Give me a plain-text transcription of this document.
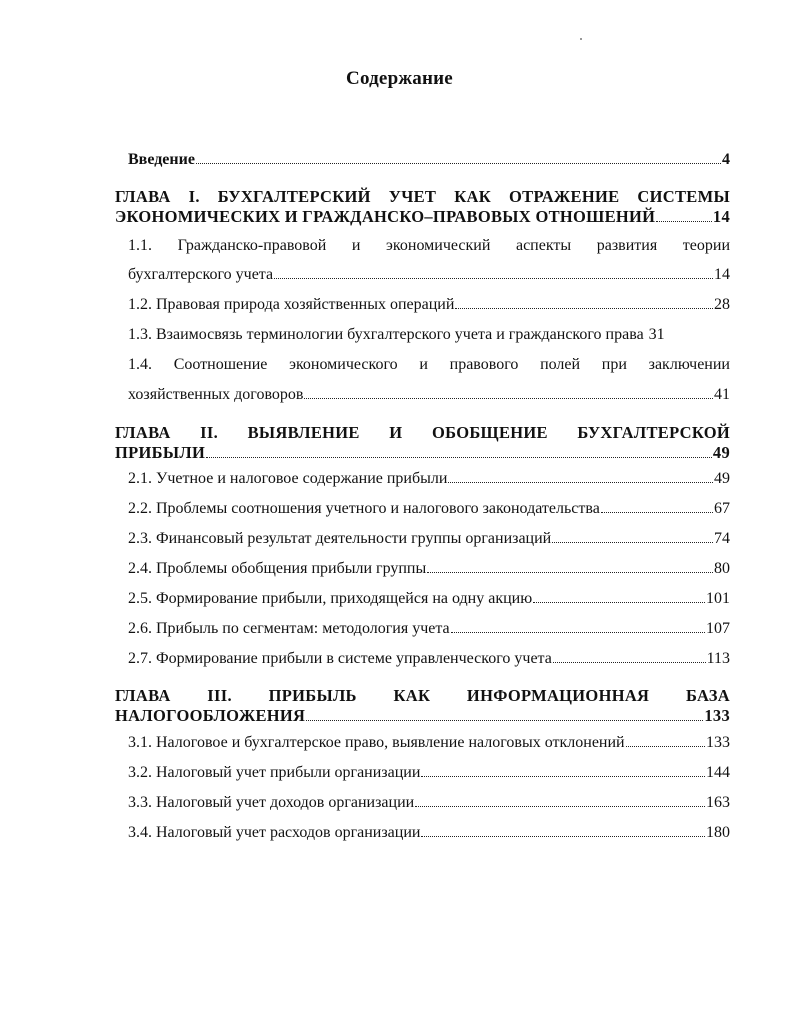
Содержание
Введение	4
ГЛАВА I. БУХГАЛТЕРСКИЙ УЧЕТ КАК ОТРАЖЕНИЕ СИСТЕМЫ
ЭКОНОМИЧЕСКИХ И ГРАЖДАНСКО–ПРАВОВЫХ ОТНОШЕНИЙ	14
1.1. Гражданско-правовой и экономический аспекты развития теории
бухгалтерского учета	14
1.2. Правовая природа хозяйственных операций	28
1.3. Взаимосвязь терминологии бухгалтерского учета и гражданского права 31
1.4. Соотношение экономического и правового полей при заключении
хозяйственных договоров	41
ГЛАВА II. ВЫЯВЛЕНИЕ И ОБОБЩЕНИЕ БУХГАЛТЕРСКОЙ
ПРИБЫЛИ	49
2.1. Учетное и налоговое содержание прибыли	49
2.2. Проблемы соотношения учетного и налогового законодательства	67
2.3. Финансовый результат деятельности группы организаций	74
2.4. Проблемы обобщения прибыли группы	80
2.5. Формирование прибыли, приходящейся на одну акцию	101
2.6. Прибыль по сегментам: методология учета	107
2.7. Формирование прибыли в системе управленческого учета	113
ГЛАВА III. ПРИБЫЛЬ КАК ИНФОРМАЦИОННАЯ БАЗА
НАЛОГООБЛОЖЕНИЯ	133
3.1. Налоговое и бухгалтерское право, выявление налоговых отклонений	133
3.2. Налоговый учет прибыли организации	144
3.3. Налоговый учет доходов организации	163
3.4. Налоговый учет расходов организации	180
